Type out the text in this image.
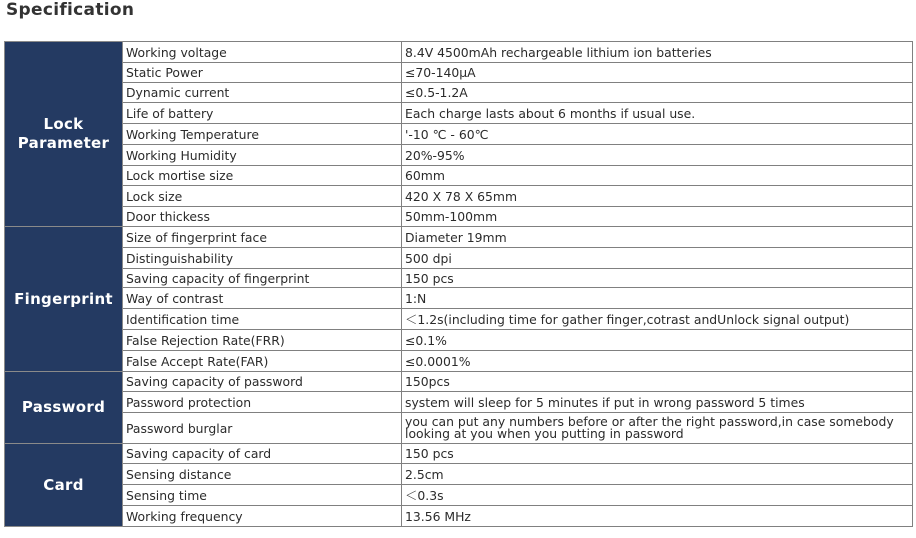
Specification
Lock
Parameter	Working voltage	8.4V 4500mAh rechargeable lithium ion batteries
	Static Power	≤70-140μA
	Dynamic current	≤0.5-1.2A
	Life of battery	Each charge lasts about 6 months if usual use.
	Working Temperature	'-10 ℃ - 60℃
	Working Humidity	20%-95%
	Lock mortise size	60mm
	Lock size	420 X 78 X 65mm
	Door thickess	50mm-100mm

Fingerprint	Size of fingerprint face	Diameter 19mm
	Distinguishability	500 dpi
	Saving capacity of fingerprint	150 pcs
	Way of contrast	1:N
	Identification time	＜1.2s(including time for gather finger,cotrast andUnlock signal output)
	False Rejection Rate(FRR)	≤0.1%
	False Accept Rate(FAR)	≤0.0001%

Password	Saving capacity of password	150pcs
	Password protection	system will sleep for 5 minutes if put in wrong password 5 times
	Password burglar	you can put any numbers before or after the right password,in case somebody looking at you when you putting in password

Card	Saving capacity of card	150 pcs
	Sensing distance	2.5cm
	Sensing time	＜0.3s
	Working frequency	13.56 MHz
